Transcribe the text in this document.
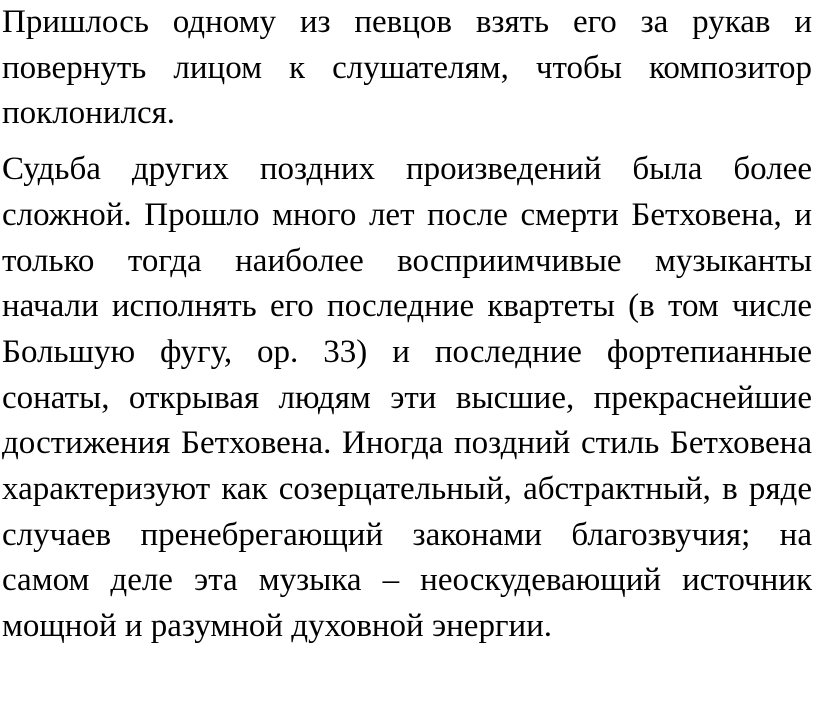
Пришлось одному из певцов взять его за рукав и повернуть лицом к слушателям, чтобы композитор поклонился.

Судьба других поздних произведений была более сложной. Прошло много лет после смерти Бетховена, и только тогда наиболее восприимчивые музыканты начали исполнять его последние квартеты (в том числе Большую фугу, ор. 33) и последние фортепианные сонаты, открывая людям эти высшие, прекраснейшие достижения Бетховена. Иногда поздний стиль Бетховена характеризуют как созерцательный, абстрактный, в ряде случаев пренебрегающий законами благозвучия; на самом деле эта музыка – неоскудевающий источник мощной и разумной духовной энергии.
